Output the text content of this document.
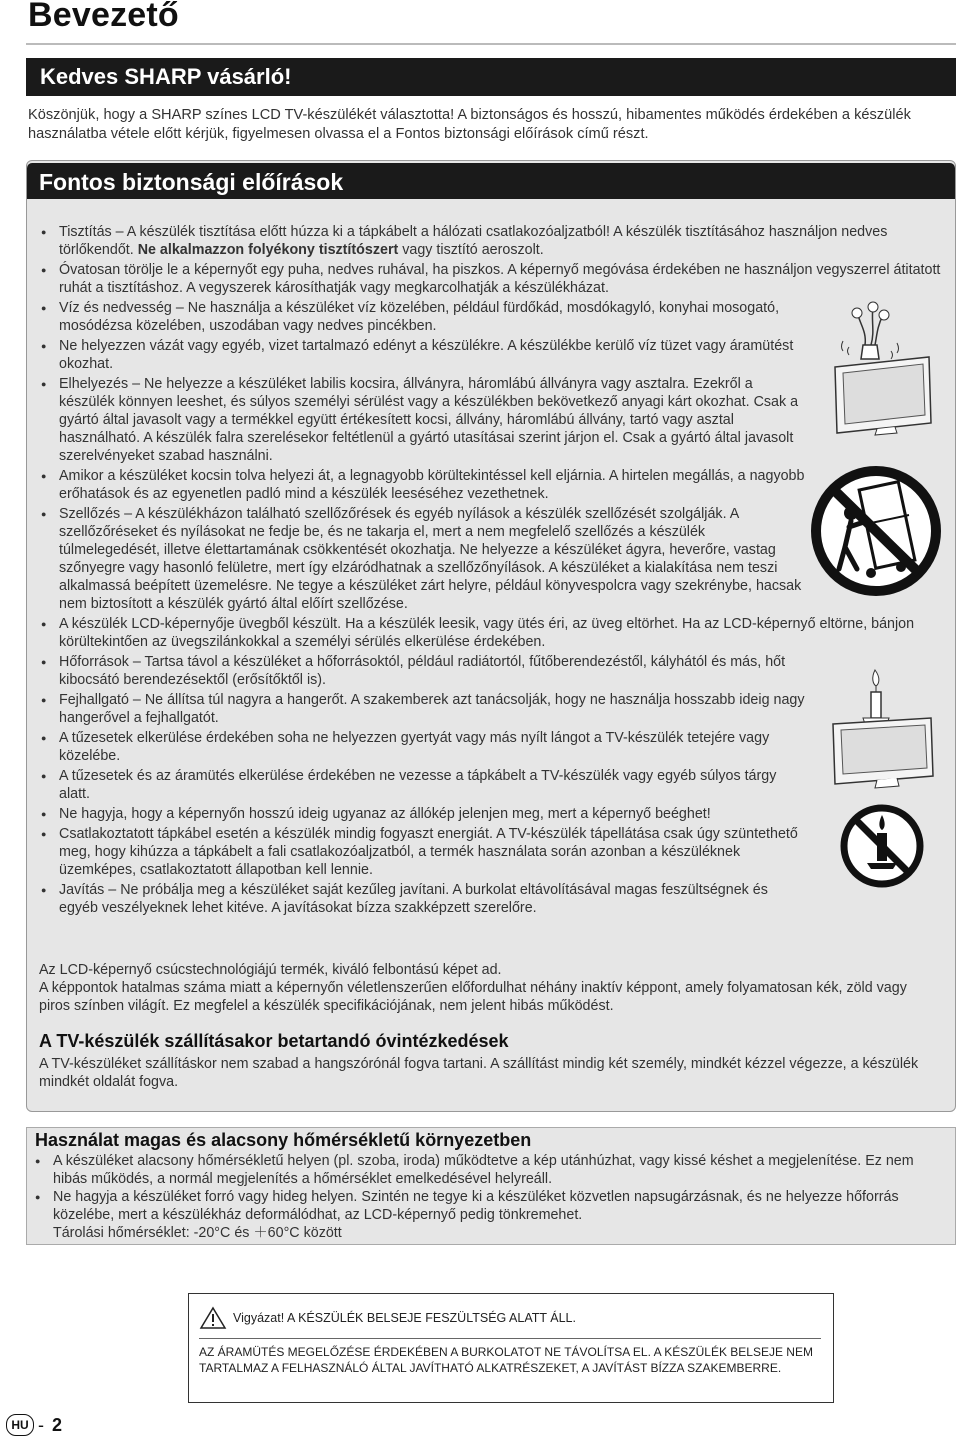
Bevezető
Kedves SHARP vásárló!

Köszönjük, hogy a SHARP színes LCD TV-készülékét választotta! A biztonságos és hosszú, hibamentes működés érdekében a készülék használatba vétele előtt kérjük, figyelmesen olvassa el a Fontos biztonsági előírások című részt.

Fontos biztonsági előírások
● Tisztítás – A készülék tisztítása előtt húzza ki a tápkábelt a hálózati csatlakozóaljzatból! A készülék tisztításához használjon nedves törlőkendőt. Ne alkalmazzon folyékony tisztítószert vagy tisztító aeroszolt.
● Óvatosan törölje le a képernyőt egy puha, nedves ruhával, ha piszkos. A képernyő megóvása érdekében ne használjon vegyszerrel átitatott ruhát a tisztításhoz. A vegyszerek károsíthatják vagy megkarcolhatják a készülékházat.
● Víz és nedvesség – Ne használja a készüléket víz közelében, például fürdőkád, mosdókagyló, konyhai mosogató, mosódézsa közelében, uszodában vagy nedves pincékben.
● Ne helyezzen vázát vagy egyéb, vizet tartalmazó edényt a készülékre. A készülékbe kerülő víz tüzet vagy áramütést okozhat.
● Elhelyezés – Ne helyezze a készüléket labilis kocsira, állványra, háromlábú állványra vagy asztalra. Ezekről a készülék könnyen leeshet, és súlyos személyi sérülést vagy a készülékben bekövetkező anyagi kárt okozhat. Csak a gyártó által javasolt vagy a termékkel együtt értékesített kocsi, állvány, háromlábú állvány, tartó vagy asztal használható. A készülék falra szerelésekor feltétlenül a gyártó utasításai szerint járjon el. Csak a gyártó által javasolt szerelvényeket szabad használni.
● Amikor a készüléket kocsin tolva helyezi át, a legnagyobb körültekintéssel kell eljárnia. A hirtelen megállás, a nagyobb erőhatások és az egyenetlen padló mind a készülék leeséséhez vezethetnek.
● Szellőzés – A készülékházon található szellőzőrések és egyéb nyílások a készülék szellőzését szolgálják. A szellőzőréseket és nyílásokat ne fedje be, és ne takarja el, mert a nem megfelelő szellőzés a készülék túlmelegedését, illetve élettartamának csökkentését okozhatja. Ne helyezze a készüléket ágyra, heverőre, vastag szőnyegre vagy hasonló felületre, mert így elzáródhatnak a szellőzőnyílások. A készüléket a kialakítása nem teszi alkalmassá beépített üzemelésre. Ne tegye a készüléket zárt helyre, például könyvespolcra vagy szekrénybe, hacsak nem biztosított a készülék gyártó által előírt szellőzése.
● A készülék LCD-képernyője üvegből készült. Ha a készülék leesik, vagy ütés éri, az üveg eltörhet. Ha az LCD-képernyő eltörne, bánjon körültekintően az üvegszilánkokkal a személyi sérülés elkerülése érdekében.
● Hőforrások – Tartsa távol a készüléket a hőforrásoktól, például radiátortól, fűtőberendezéstől, kályhától és más, hőt kibocsátó berendezésektől (erősítőktől is).
● Fejhallgató – Ne állítsa túl nagyra a hangerőt. A szakemberek azt tanácsolják, hogy ne használja hosszabb ideig nagy hangerővel a fejhallgatót.
● A tűzesetek elkerülése érdekében soha ne helyezzen gyertyát vagy más nyílt lángot a TV-készülék tetejére vagy közelébe.
● A tűzesetek és az áramütés elkerülése érdekében ne vezesse a tápkábelt a TV-készülék vagy egyéb súlyos tárgy alatt.
● Ne hagyja, hogy a képernyőn hosszú ideig ugyanaz az állókép jelenjen meg, mert a képernyő beéghet!
● Csatlakoztatott tápkábel esetén a készülék mindig fogyaszt energiát. A TV-készülék tápellátása csak úgy szüntethető meg, hogy kihúzza a tápkábelt a fali csatlakozóaljzatból, a termék használata során azonban a készüléknek üzemképes, csatlakoztatott állapotban kell lennie.
● Javítás – Ne próbálja meg a készüléket saját kezűleg javítani. A burkolat eltávolításával magas feszültségnek és egyéb veszélyeknek lehet kitéve. A javításokat bízza szakképzett szerelőre.

Az LCD-képernyő csúcstechnológiájú termék, kiváló felbontású képet ad.
A képpontok hatalmas száma miatt a képernyőn véletlenszerűen előfordulhat néhány inaktív képpont, amely folyamatosan kék, zöld vagy piros színben világít. Ez megfelel a készülék specifikációjának, nem jelent hibás működést.

A TV-készülék szállításakor betartandó óvintézkedések

A TV-készüléket szállításkor nem szabad a hangszórónál fogva tartani. A szállítást mindig két személy, mindkét kézzel végezze, a készülék mindkét oldalát fogva.

Használat magas és alacsony hőmérsékletű környezetben
● A készüléket alacsony hőmérsékletű helyen (pl. szoba, iroda) működtetve a kép utánhúzhat, vagy kissé késhet a megjelenítése. Ez nem hibás működés, a normál megjelenítés a hőmérséklet emelkedésével helyreáll.
● Ne hagyja a készüléket forró vagy hideg helyen. Szintén ne tegye ki a készüléket közvetlen napsugárzásnak, és ne helyezze hőforrás közelébe, mert a készülékház deformálódhat, az LCD-képernyő pedig tönkremehet.
Tárolási hőmérséklet: -20°C és ＋60°C között
Vigyázat! A KÉSZÜLÉK BELSEJE FESZÜLTSÉG ALATT ÁLL.

AZ ÁRAMÜTÉS MEGELŐZÉSE ÉRDEKÉBEN A BURKOLATOT NE TÁVOLÍTSA EL. A KÉSZÜLÉK BELSEJE NEM TARTALMAZ A FELHASZNÁLÓ ÁLTAL JAVÍTHATÓ ALKATRÉSZEKET, A JAVÍTÁST BÍZZA SZAKEMBERRE.

HU - 2
